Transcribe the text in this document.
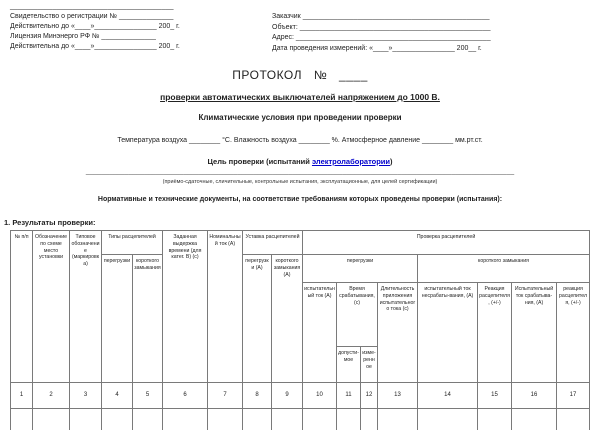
__________________________________________
Свидетельство о регистрации № ______________
Действительно до «____»________________ 200_ г.
Лицензия Минэнерго РФ № ______________
Действительна до «____»________________ 200_ г.
Заказчик ________________________________________________
Объект: _________________________________________________
Адрес: __________________________________________________
Дата проведения измерений: «____»________________ 200__ г.
ПРОТОКОЛ № ____
проверки автоматических выключателей напряжением до 1000 В.
Климатические условия при проведении проверки
Температура воздуха ________ °С. Влажность воздуха ________ %. Атмосферное давление ________ мм.рт.ст.
Цель проверки (испытаний электролаборатории)
______________________________________________________________________________________________________________
(приёмо-сдаточные, сличительные, контрольные испытания, эксплуатационные, для целей сертификации)
Нормативные и технические документы, на соответствие требованиям которых проведены проверки (испытания):
1. Результаты проверки:
№ п/п	Обозначение по схеме место установки	Типовое обозначение (маркировка)	Типы расцепителей		Заданная выдержка времени (для катег. В) (с)	Номинальный ток (А)	Уставка расцепителей		Проверка расцепителей							
			перегрузки	короткого замыкания			перегрузки (А)	короткого замыкания (А)	перегрузки				короткого замыкания			
									испытательный ток (А)	Время срабатывания, (с)		Длительность приложения испытательного тока (с)	испытательный ток несрабаты-вания, (А)	Реакция расцепителя, (+/-)	Испытательный ток срабатыва-ния, (А)	реакция расцепителя, (+/-)
										допусти-мое	изме-ренное					
1	2	3	4	5	6	7	8	9	10	11	12	13	14	15	16	17
